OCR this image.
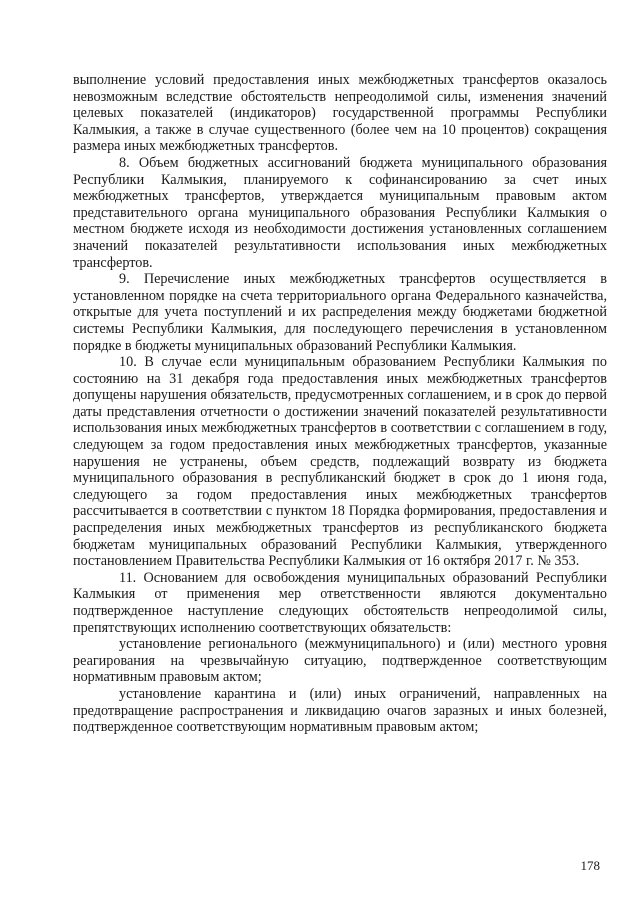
выполнение условий предоставления иных межбюджетных трансфертов оказалось невозможным вследствие обстоятельств непреодолимой силы, изменения значений целевых показателей (индикаторов) государственной программы Республики Калмыкия, а также в случае существенного (более чем на 10 процентов) сокращения размера иных межбюджетных трансфертов.

8. Объем бюджетных ассигнований бюджета муниципального образования Республики Калмыкия, планируемого к софинансированию за счет иных межбюджетных трансфертов, утверждается муниципальным правовым актом представительного органа муниципального образования Республики Калмыкия о местном бюджете исходя из необходимости достижения установленных соглашением значений показателей результативности использования иных межбюджетных трансфертов.

9. Перечисление иных межбюджетных трансфертов осуществляется в установленном порядке на счета территориального органа Федерального казначейства, открытые для учета поступлений и их распределения между бюджетами бюджетной системы Республики Калмыкия, для последующего перечисления в установленном порядке в бюджеты муниципальных образований Республики Калмыкия.

10. В случае если муниципальным образованием Республики Калмыкия по состоянию на 31 декабря года предоставления иных межбюджетных трансфертов допущены нарушения обязательств, предусмотренных соглашением, и в срок до первой даты представления отчетности о достижении значений показателей результативности использования иных межбюджетных трансфертов в соответствии с соглашением в году, следующем за годом предоставления иных межбюджетных трансфертов, указанные нарушения не устранены, объем средств, подлежащий возврату из бюджета муниципального образования в республиканский бюджет в срок до 1 июня года, следующего за годом предоставления иных межбюджетных трансфертов рассчитывается в соответствии с пунктом 18 Порядка формирования, предоставления и распределения иных межбюджетных трансфертов из республиканского бюджета бюджетам муниципальных образований Республики Калмыкия, утвержденного постановлением Правительства Республики Калмыкия от 16 октября 2017 г. № 353.

11. Основанием для освобождения муниципальных образований Республики Калмыкия от применения мер ответственности являются документально подтвержденное наступление следующих обстоятельств непреодолимой силы, препятствующих исполнению соответствующих обязательств:

установление регионального (межмуниципального) и (или) местного уровня реагирования на чрезвычайную ситуацию, подтвержденное соответствующим нормативным правовым актом;

установление карантина и (или) иных ограничений, направленных на предотвращение распространения и ликвидацию очагов заразных и иных болезней, подтвержденное соответствующим нормативным правовым актом;

178
